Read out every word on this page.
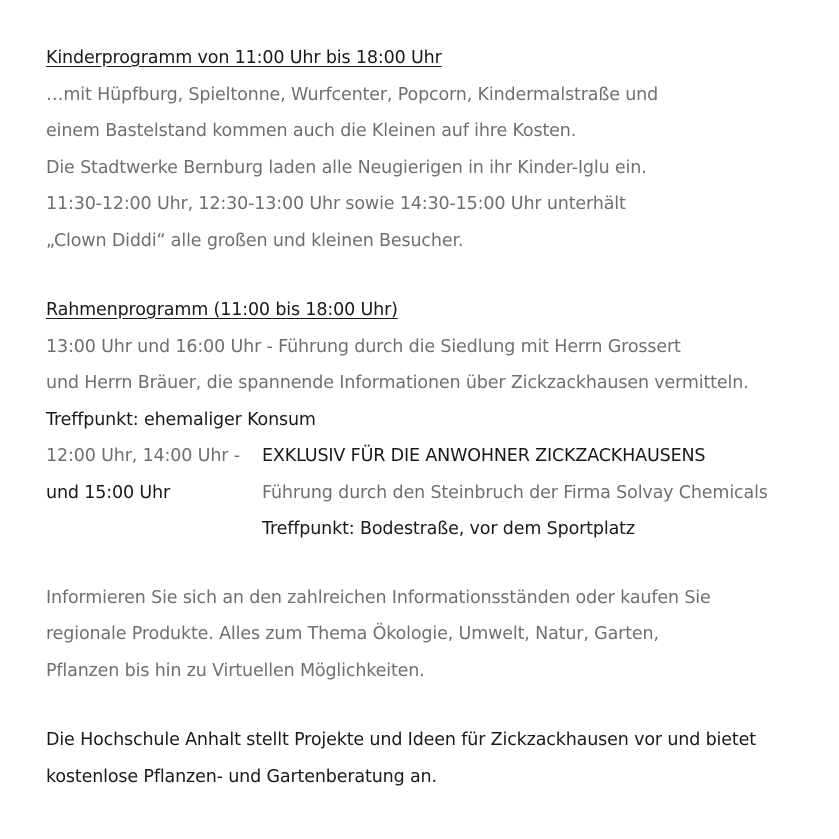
Kinderprogramm von 11:00 Uhr bis 18:00 Uhr
…mit Hüpfburg, Spieltonne, Wurfcenter, Popcorn, Kindermalstraße und
einem Bastelstand kommen auch die Kleinen auf ihre Kosten.
Die Stadtwerke Bernburg laden alle Neugierigen in ihr Kinder-Iglu ein.
11:30-12:00 Uhr, 12:30-13:00 Uhr sowie 14:30-15:00 Uhr unterhält
„Clown Diddi“ alle großen und kleinen Besucher.
Rahmenprogramm (11:00 bis 18:00 Uhr)
13:00 Uhr und 16:00 Uhr - Führung durch die Siedlung mit Herrn Grossert
und Herrn Bräuer, die spannende Informationen über Zickzackhausen vermitteln.
Treffpunkt: ehemaliger Konsum
12:00 Uhr, 14:00 Uhr -
und 15:00 Uhr
EXKLUSIV FÜR DIE ANWOHNER ZICKZACKHAUSENS
Führung durch den Steinbruch der Firma Solvay Chemicals
Treffpunkt: Bodestraße, vor dem Sportplatz
Informieren Sie sich an den zahlreichen Informationsständen oder kaufen Sie
regionale Produkte. Alles zum Thema Ökologie, Umwelt, Natur, Garten,
Pflanzen bis hin zu Virtuellen Möglichkeiten.
Die Hochschule Anhalt stellt Projekte und Ideen für Zickzackhausen vor und bietet
kostenlose Pflanzen- und Gartenberatung an.
